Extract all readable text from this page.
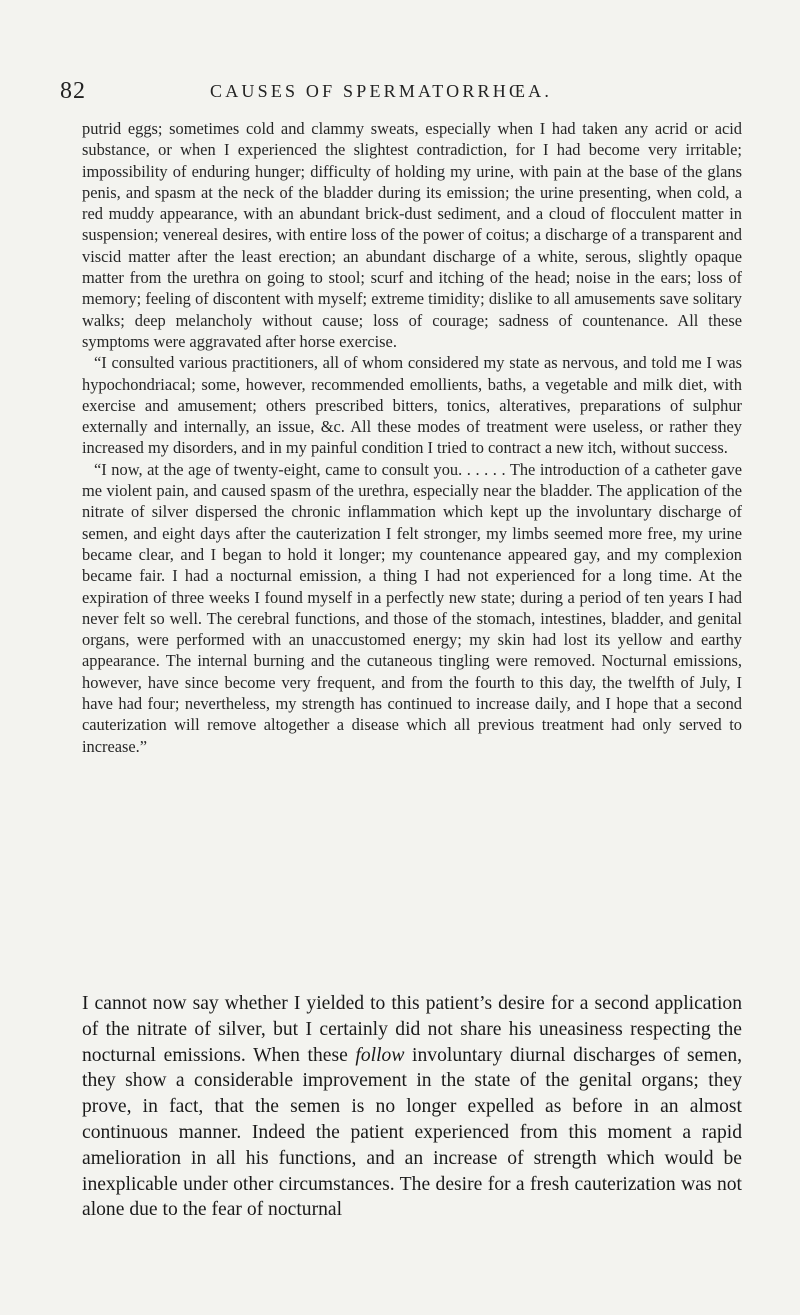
82	CAUSES OF SPERMATORRHŒA.

putrid eggs; sometimes cold and clammy sweats, especially when I had taken any acrid or acid substance, or when I experienced the slightest contradiction, for I had become very irritable; impossibility of enduring hunger; difficulty of holding my urine, with pain at the base of the glans penis, and spasm at the neck of the bladder during its emission; the urine presenting, when cold, a red muddy appearance, with an abundant brick-dust sediment, and a cloud of flocculent matter in suspension; venereal desires, with entire loss of the power of coitus; a discharge of a transparent and viscid matter after the least erection; an abundant discharge of a white, serous, slightly opaque matter from the urethra on going to stool; scurf and itching of the head; noise in the ears; loss of memory; feeling of discontent with myself; extreme timidity; dislike to all amusements save solitary walks; deep melancholy without cause; loss of courage; sadness of countenance. All these symptoms were aggravated after horse exercise.

“I consulted various practitioners, all of whom considered my state as nervous, and told me I was hypochondriacal; some, however, recommended emollients, baths, a vegetable and milk diet, with exercise and amusement; others prescribed bitters, tonics, alteratives, preparations of sulphur externally and internally, an issue, &c. All these modes of treatment were useless, or rather they increased my disorders, and in my painful condition I tried to contract a new itch, without success.

“I now, at the age of twenty-eight, came to consult you. . . . . . The introduction of a catheter gave me violent pain, and caused spasm of the urethra, especially near the bladder. The application of the nitrate of silver dispersed the chronic inflammation which kept up the involuntary discharge of semen, and eight days after the cauterization I felt stronger, my limbs seemed more free, my urine became clear, and I began to hold it longer; my countenance appeared gay, and my complexion became fair. I had a nocturnal emission, a thing I had not experienced for a long time. At the expiration of three weeks I found myself in a perfectly new state; during a period of ten years I had never felt so well. The cerebral functions, and those of the stomach, intestines, bladder, and genital organs, were performed with an unaccustomed energy; my skin had lost its yellow and earthy appearance. The internal burning and the cutaneous tingling were removed. Nocturnal emissions, however, have since become very frequent, and from the fourth to this day, the twelfth of July, I have had four; nevertheless, my strength has continued to increase daily, and I hope that a second cauterization will remove altogether a disease which all previous treatment had only served to increase.”

I cannot now say whether I yielded to this patient’s desire for a second application of the nitrate of silver, but I certainly did not share his uneasiness respecting the nocturnal emissions. When these follow involuntary diurnal discharges of semen, they show a considerable improvement in the state of the genital organs; they prove, in fact, that the semen is no longer expelled as before in an almost continuous manner. Indeed the patient experienced from this moment a rapid amelioration in all his functions, and an increase of strength which would be inexplicable under other circumstances. The desire for a fresh cauterization was not alone due to the fear of nocturnal
